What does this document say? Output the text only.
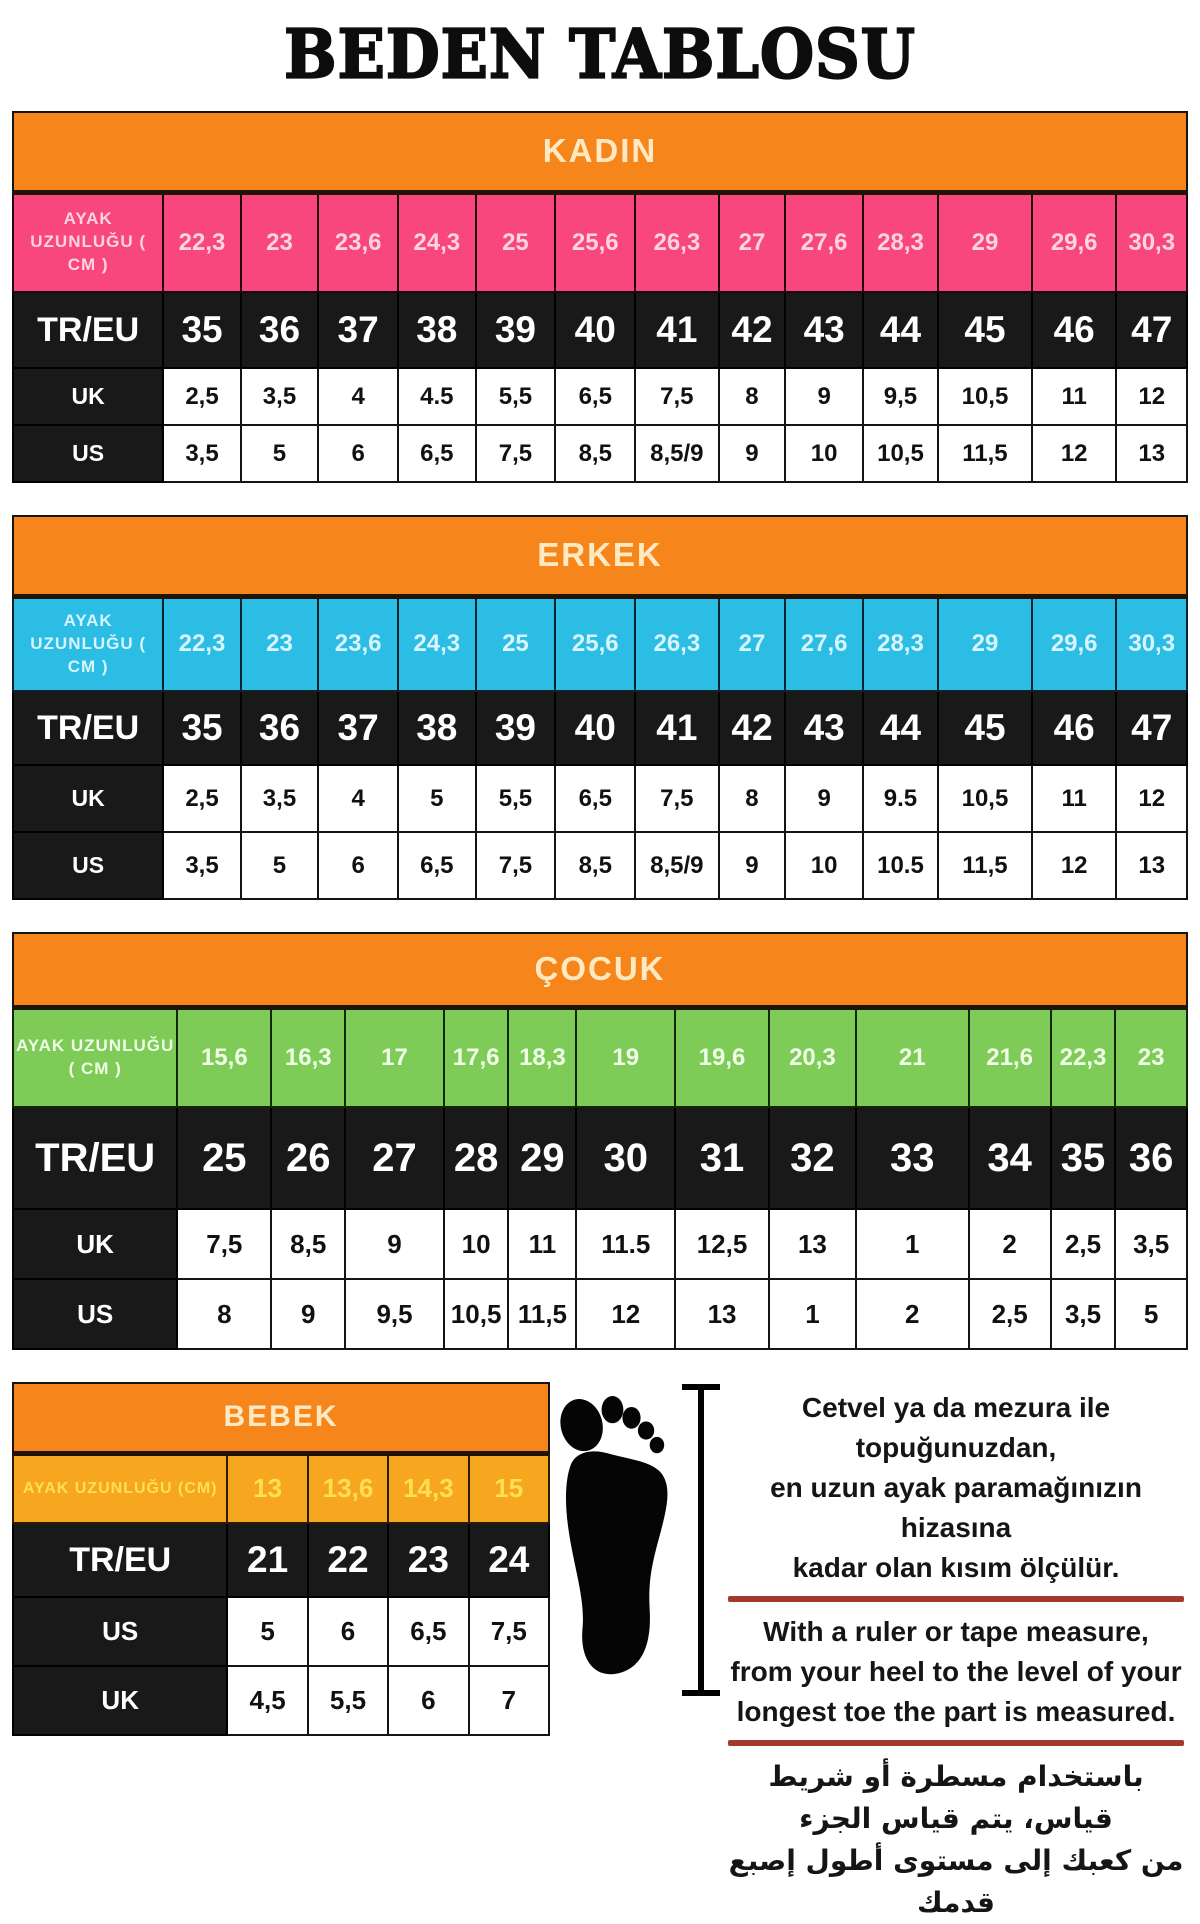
BEDEN TABLOSU
KADIN													
AYAK UZUNLUĞU ( CM )	22,3	23	23,6	24,3	25	25,6	26,3	27	27,6	28,3	29	29,6	30,3
TR/EU	35	36	37	38	39	40	41	42	43	44	45	46	47
UK	2,5	3,5	4	4.5	5,5	6,5	7,5	8	9	9,5	10,5	11	12
US	3,5	5	6	6,5	7,5	8,5	8,5/9	9	10	10,5	11,5	12	13
ERKEK													
AYAK UZUNLUĞU ( CM )	22,3	23	23,6	24,3	25	25,6	26,3	27	27,6	28,3	29	29,6	30,3
TR/EU	35	36	37	38	39	40	41	42	43	44	45	46	47
UK	2,5	3,5	4	5	5,5	6,5	7,5	8	9	9.5	10,5	11	12
US	3,5	5	6	6,5	7,5	8,5	8,5/9	9	10	10.5	11,5	12	13
ÇOCUK												
AYAK UZUNLUĞU ( CM )	15,6	16,3	17	17,6	18,3	19	19,6	20,3	21	21,6	22,3	23
TR/EU	25	26	27	28	29	30	31	32	33	34	35	36
UK	7,5	8,5	9	10	11	11.5	12,5	13	1	2	2,5	3,5
US	8	9	9,5	10,5	11,5	12	13	1	2	2,5	3,5	5
BEBEK				
AYAK UZUNLUĞU (CM)	13	13,6	14,3	15
TR/EU	21	22	23	24
US	5	6	6,5	7,5
UK	4,5	5,5	6	7

Cetvel ya da mezura ile topuğunuzdan,

en uzun ayak paramağınızın hizasına

kadar olan kısım ölçülür.

With a ruler or tape measure,

from your heel to the level of your

longest toe the part is measured.

باستخدام مسطرة أو شريط قياس، يتم قياس الجزء

من كعبك إلى مستوى أطول إصبع قدمك
